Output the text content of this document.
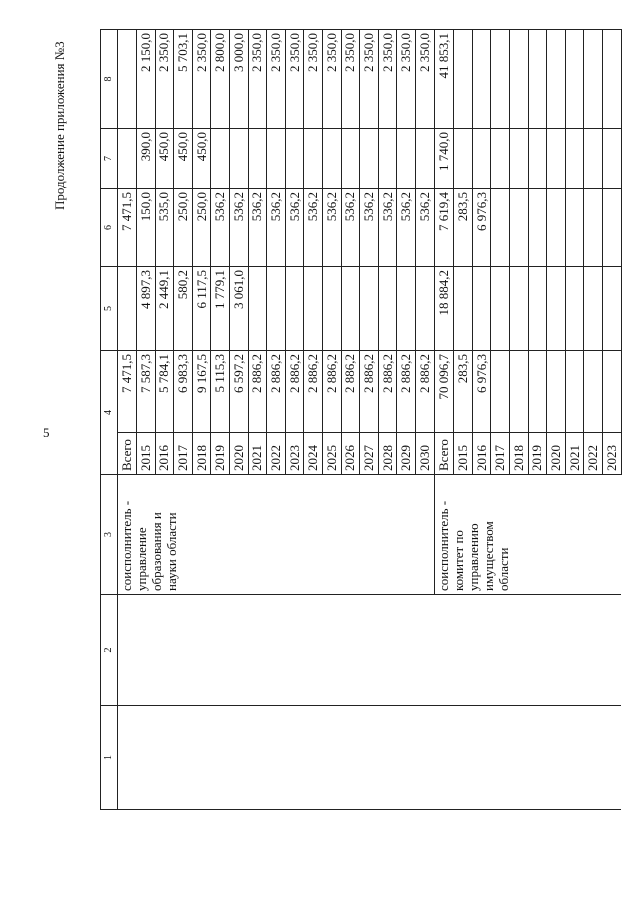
5
Продолжение приложения №3
1	2	3	4		5	6	7	8

		соисполнитель - управление образования и науки области	Всего	7 471,5		7 471,5		
			2015	7 587,3	4 897,3	150,0	390,0	2 150,0
			2016	5 784,1	2 449,1	535,0	450,0	2 350,0
			2017	6 983,3	580,2	250,0	450,0	5 703,1
			2018	9 167,5	6 117,5	250,0	450,0	2 350,0
			2019	5 115,3	1 779,1	536,2		2 800,0
			2020	6 597,2	3 061,0	536,2		3 000,0
			2021	2 886,2		536,2		2 350,0
			2022	2 886,2		536,2		2 350,0
			2023	2 886,2		536,2		2 350,0
			2024	2 886,2		536,2		2 350,0
			2025	2 886,2		536,2		2 350,0
			2026	2 886,2		536,2		2 350,0
			2027	2 886,2		536,2		2 350,0
			2028	2 886,2		536,2		2 350,0
			2029	2 886,2		536,2		2 350,0
			2030	2 886,2		536,2		2 350,0

		соисполнитель - комитет по управлению имуществом области	Всего	70 096,7	18 884,2	7 619,4	1 740,0	41 853,1
			2015	283,5		283,5		
			2016	6 976,3		6 976,3		
			2017					
			2018					
			2019					
			2020					
			2021					
			2022					
			2023					
